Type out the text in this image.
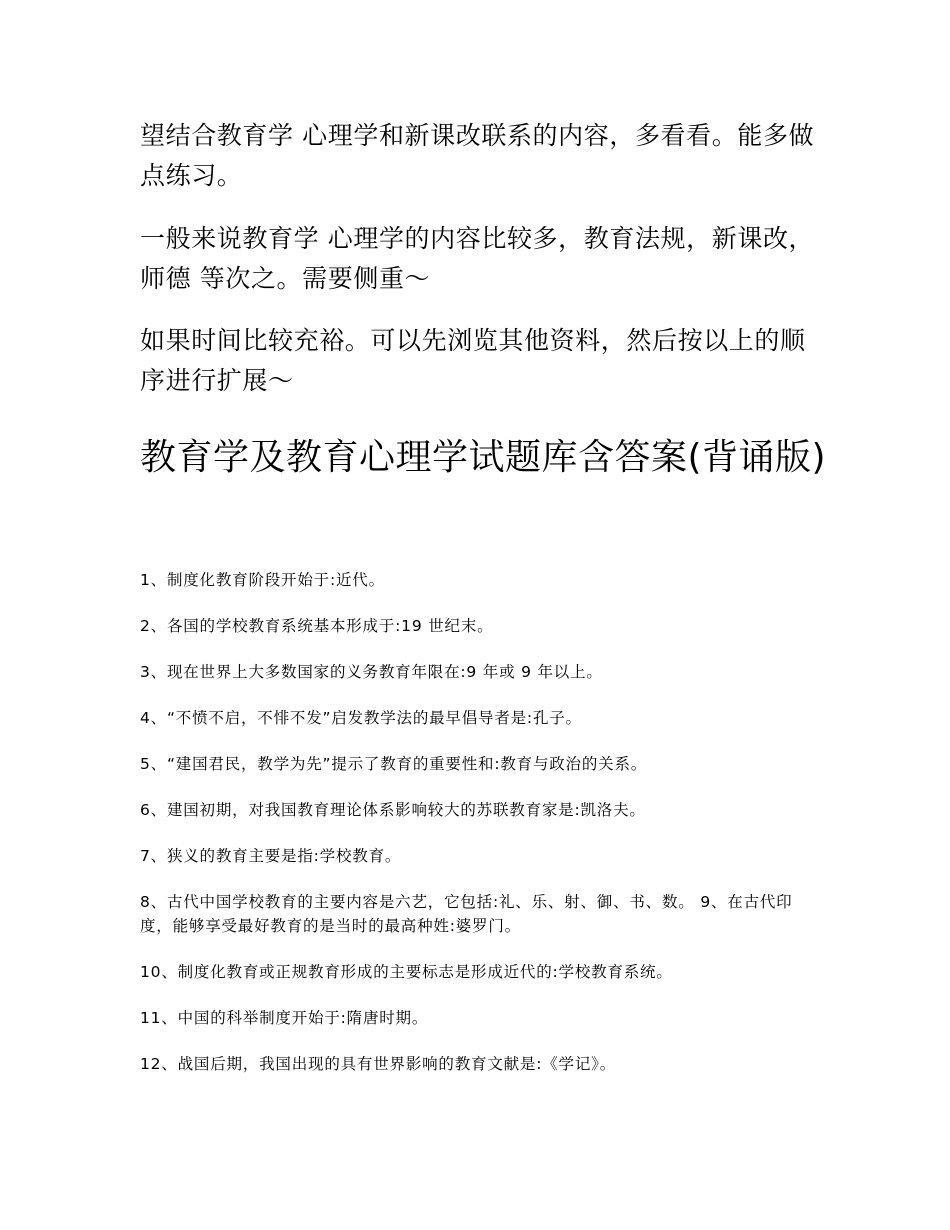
望结合教育学 心理学和新课改联系的内容，多看看。能多做点练习。

一般来说教育学 心理学的内容比较多，教育法规，新课改，师德 等次之。需要侧重～

如果时间比较充裕。可以先浏览其他资料，然后按以上的顺序进行扩展～

教育学及教育心理学试题库含答案(背诵版)
1、制度化教育阶段开始于:近代。
2、各国的学校教育系统基本形成于:19 世纪末。
3、现在世界上大多数国家的义务教育年限在:9 年或 9 年以上。
4、“不愤不启，不悱不发”启发教学法的最早倡导者是:孔子。
5、“建国君民，教学为先”提示了教育的重要性和:教育与政治的关系。
6、建国初期，对我国教育理论体系影响较大的苏联教育家是:凯洛夫。
7、狭义的教育主要是指:学校教育。
8、古代中国学校教育的主要内容是六艺，它包括:礼、乐、射、御、书、数。 9、在古代印度，能够享受最好教育的是当时的最高种姓:婆罗门。
10、制度化教育或正规教育形成的主要标志是形成近代的:学校教育系统。
11、中国的科举制度开始于:隋唐时期。
12、战国后期，我国出现的具有世界影响的教育文献是:《学记》。
